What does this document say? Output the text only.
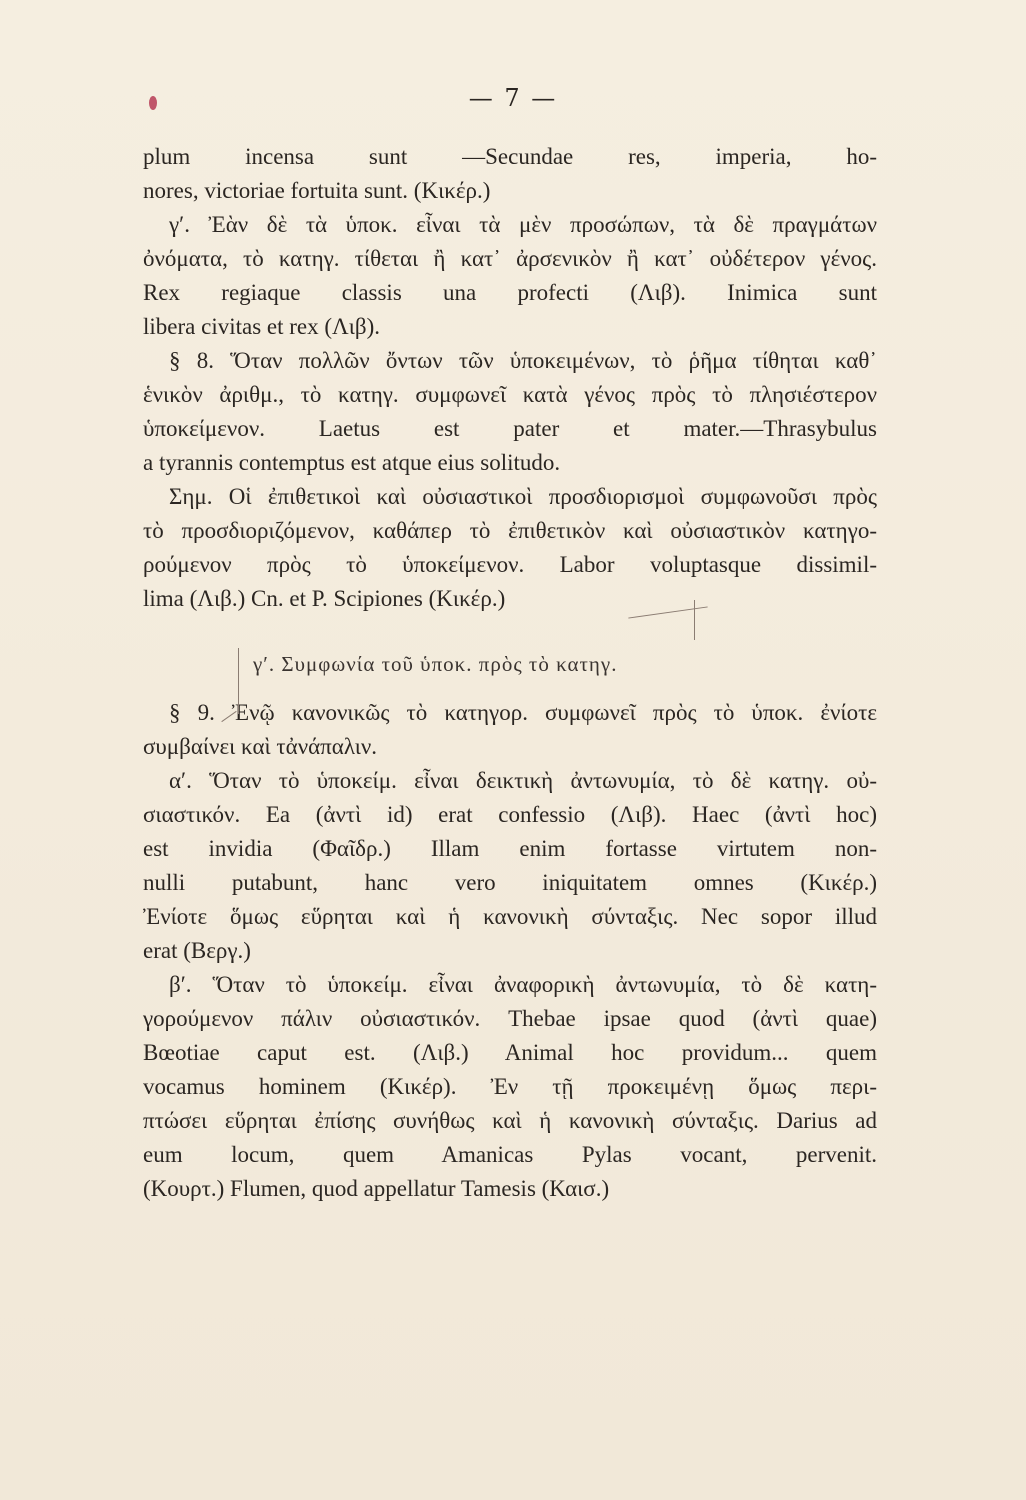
— 7 —
plum incensa sunt —Secundae res, imperia, ho-
nores, victoriae fortuita sunt. (Κικέρ.)
γʹ. Ἐὰν δὲ τὰ ὑποκ. εἶναι τὰ μὲν προσώπων, τὰ δὲ πραγμάτων
ὀνόματα, τὸ κατηγ. τίθεται ἢ κατ᾽ ἀρσενικὸν ἢ κατ᾽ οὐδέτερον γένος.
Rex regiaque classis una profecti (Λιβ). Inimica sunt
libera civitas et rex (Λιβ).
§ 8. Ὅταν πολλῶν ὄντων τῶν ὑποκειμένων, τὸ ῥῆμα τίθηται καθ᾽
ἑνικὸν ἀριθμ., τὸ κατηγ. συμφωνεῖ κατὰ γένος πρὸς τὸ πλησιέστερον
ὑποκείμενον. Laetus est pater et mater.—Thrasybulus
a tyrannis contemptus est atque eius solitudo.
Σημ. Οἱ ἐπιθετικοὶ καὶ οὐσιαστικοὶ προσδιορισμοὶ συμφωνοῦσι πρὸς
τὸ προσδιοριζόμενον, καθάπερ τὸ ἐπιθετικὸν καὶ οὐσιαστικὸν κατηγο-
ρούμενον πρὸς τὸ ὑποκείμενον. Labor voluptasque dissimil-
lima (Λιβ.) Cn. et P. Scipiones (Κικέρ.)
γʹ. Συμφωνία τοῦ ὑποκ. πρὸς τὸ κατηγ.
§ 9. Ἐνῷ κανονικῶς τὸ κατηγορ. συμφωνεῖ πρὸς τὸ ὑποκ. ἐνίοτε
συμβαίνει καὶ τἀνάπαλιν.
αʹ. Ὅταν τὸ ὑποκείμ. εἶναι δεικτικὴ ἀντωνυμία, τὸ δὲ κατηγ. οὐ-
σιαστικόν. Ea (ἀντὶ id) erat confessio (Λιβ). Haec (ἀντὶ hoc)
est invidia (Φαῖδρ.) Illam enim fortasse virtutem non-
nulli putabunt, hanc vero iniquitatem omnes (Κικέρ.)
Ἐνίοτε ὅμως εὕρηται καὶ ἡ κανονικὴ σύνταξις. Nec sopor illud
erat (Βεργ.)
βʹ. Ὅταν τὸ ὑποκείμ. εἶναι ἀναφορικὴ ἀντωνυμία, τὸ δὲ κατη-
γορούμενον πάλιν οὐσιαστικόν. Thebae ipsae quod (ἀντὶ quae)
Bœotiae caput est. (Λιβ.) Animal hoc providum... quem
vocamus hominem (Κικέρ). Ἐν τῇ προκειμένῃ ὅμως περι-
πτώσει εὕρηται ἐπίσης συνήθως καὶ ἡ κανονικὴ σύνταξις. Darius ad
eum locum, quem Amanicas Pylas vocant, pervenit.
(Κουρτ.) Flumen, quod appellatur Tamesis (Καισ.)
